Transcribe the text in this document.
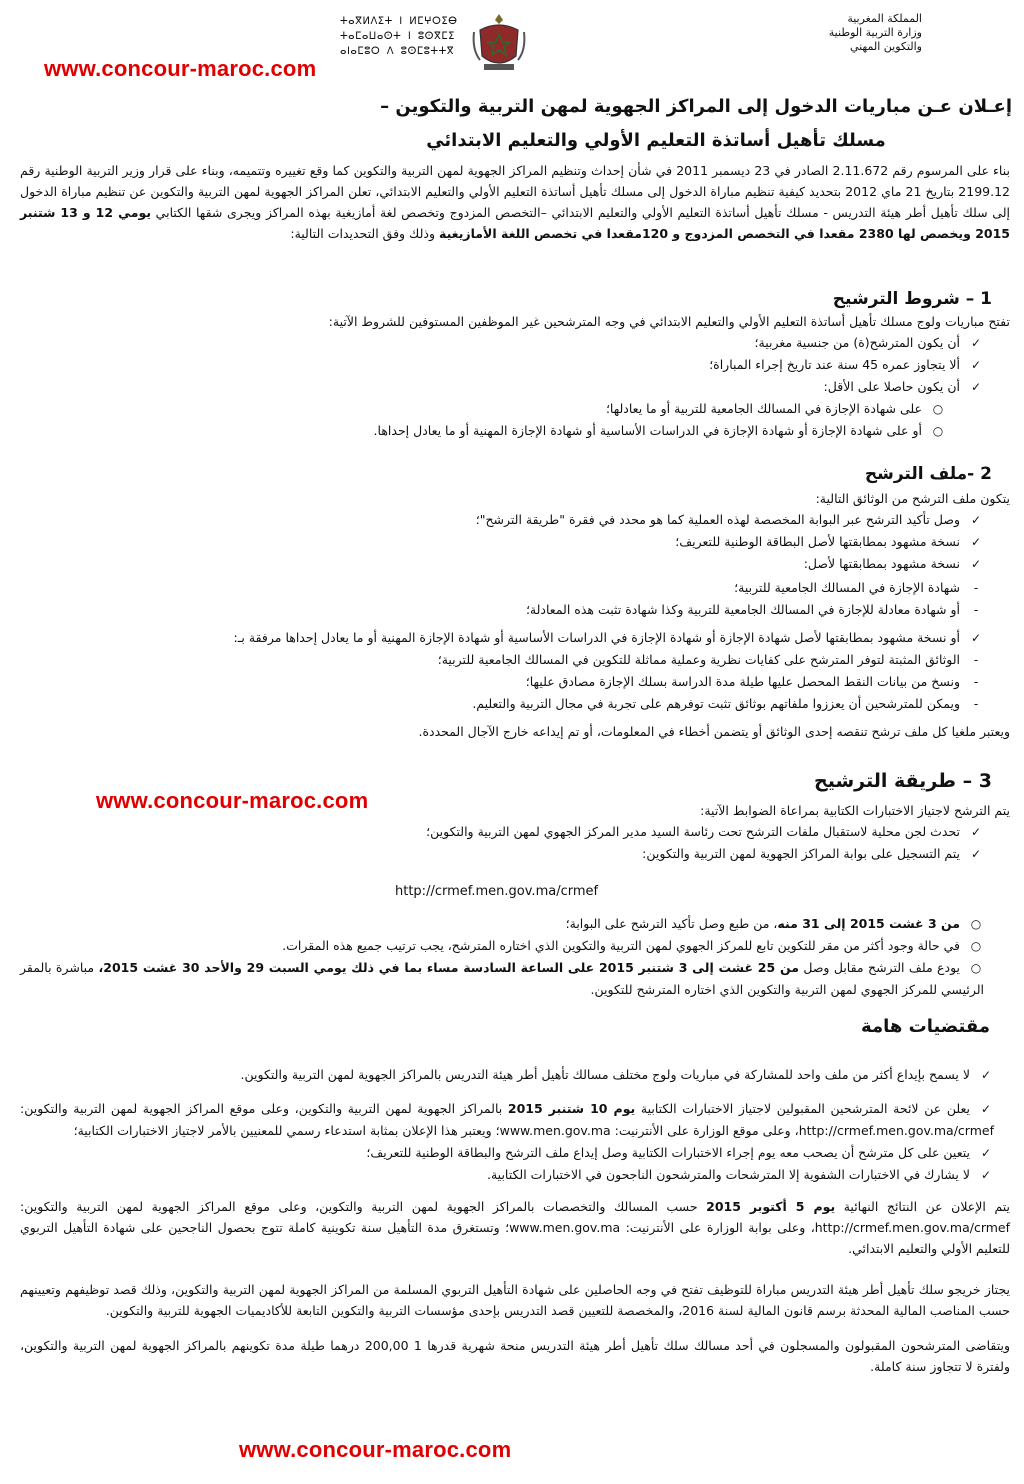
www.concour-maroc.com
www.concour-maroc.com
www.concour-maroc.com
المملكة المغربية
وزارة التربية الوطنية
والتكوين المهني
ⵜⴰⴳⵍⴷⵉⵜ ⵏ ⵍⵎⵖⵔⵉⴱ
ⵜⴰⵎⴰⵡⴰⵙⵜ ⵏ ⵓⵙⴳⵎⵉ
ⴰⵏⴰⵎⵓⵔ ⴷ ⵓⵙⵎⵓⵜⵜⴳ
إعـلان عـن مباريات الدخول إلى المراكز الجهوية لمهن التربية والتكوين –
مسلك تأهيل أساتذة التعليم الأولي والتعليم الابتدائي

بناء على المرسوم رقم 2.11.672 الصادر في 23 ديسمبر 2011 في شأن إحداث وتنظيم المراكز الجهوية لمهن التربية والتكوين كما وقع تغييره وتتميمه، وبناء على قرار وزير التربية الوطنية رقم 2199.12 بتاريخ 21 ماي 2012 بتحديد كيفية تنظيم مباراة الدخول إلى مسلك تأهيل أساتذة التعليم الأولي والتعليم الابتدائي، تعلن المراكز الجهوية لمهن التربية والتكوين عن تنظيم مباراة الدخول إلى سلك تأهيل أطر هيئة التدريس - مسلك تأهيل أساتذة التعليم الأولي والتعليم الابتدائي –التخصص المزدوج وتخصص لغة أمازيغية بهذه المراكز ويجرى شقها الكتابي يومي 12 و 13 شتنبر 2015 ويخصص لها 2380 مقعدا في التخصص المزدوج و 120مقعدا في تخصص اللغة الأمازيغية وذلك وفق التحديدات التالية:

1 – شروط الترشيح

تفتح مباريات ولوج مسلك تأهيل أساتذة التعليم الأولي والتعليم الابتدائي في وجه المترشحين غير الموظفين المستوفين للشروط الآتية:

✓أن يكون المترشح(ة) من جنسية مغربية؛
✓ألا يتجاوز عمره 45 سنة عند تاريخ إجراء المباراة؛
✓أن يكون حاصلا على الأقل:
○على شهادة الإجازة في المسالك الجامعية للتربية أو ما يعادلها؛
○أو على شهادة الإجازة أو شهادة الإجازة في الدراسات الأساسية أو شهادة الإجازة المهنية أو ما يعادل إحداها.
2 -ملف الترشح

يتكون ملف الترشح من الوثائق التالية:

✓وصل تأكيد الترشح عبر البوابة المخصصة لهذه العملية كما هو محدد في فقرة "طريقة الترشح"؛
✓نسخة مشهود بمطابقتها لأصل البطاقة الوطنية للتعريف؛
✓نسخة مشهود بمطابقتها لأصل:
-شهادة الإجازة في المسالك الجامعية للتربية؛
-أو شهادة معادلة للإجازة في المسالك الجامعية للتربية وكذا شهادة تثبت هذه المعادلة؛
✓أو نسخة مشهود بمطابقتها لأصل شهادة الإجازة أو شهادة الإجازة في الدراسات الأساسية أو شهادة الإجازة المهنية أو ما يعادل إحداها مرفقة بـ:
-الوثائق المثبتة لتوفر المترشح على كفايات نظرية وعملية مماثلة للتكوين في المسالك الجامعية للتربية؛
-ونسخ من بيانات النقط المحصل عليها طيلة مدة الدراسة بسلك الإجازة مصادق عليها؛
-ويمكن للمترشحين أن يعززوا ملفاتهم بوثائق تثبت توفرهم على تجربة في مجال التربية والتعليم.

ويعتبر ملغيا كل ملف ترشح تنقصه إحدى الوثائق أو يتضمن أخطاء في المعلومات، أو تم إيداعه خارج الآجال المحددة.

3 – طريقة الترشيح

يتم الترشح لاجتياز الاختبارات الكتابية بمراعاة الضوابط الآتية:

✓تحدث لجن محلية لاستقبال ملفات الترشح تحت رئاسة السيد مدير المركز الجهوي لمهن التربية والتكوين؛
✓يتم التسجيل على بوابة المراكز الجهوية لمهن التربية والتكوين:
http://crmef.men.gov.ma/crmef
○من 3 غشت 2015 إلى 31 منه، من طبع وصل تأكيد الترشح على البوابة؛
○في حالة وجود أكثر من مقر للتكوين تابع للمركز الجهوي لمهن التربية والتكوين الذي اختاره المترشح، يجب ترتيب جميع هذه المقرات.
○يودع ملف الترشح مقابل وصل من 25 غشت إلى 3 شتنبر 2015 على الساعة السادسة مساء بما في ذلك يومي السبت 29 والأحد 30 غشت 2015، مباشرة بالمقر الرئيسي للمركز الجهوي لمهن التربية والتكوين الذي اختاره المترشح للتكوين.
مقتضيات هامة
✓لا يسمح بإيداع أكثر من ملف واحد للمشاركة في مباريات ولوج مختلف مسالك تأهيل أطر هيئة التدريس بالمراكز الجهوية لمهن التربية والتكوين.
✓يعلن عن لائحة المترشحين المقبولين لاجتياز الاختبارات الكتابية يوم 10 شتنبر 2015 بالمراكز الجهوية لمهن التربية والتكوين، وعلى موقع المراكز الجهوية لمهن التربية والتكوين: http://crmef.men.gov.ma/crmef، وعلى موقع الوزارة على الأنترنيت: www.men.gov.ma؛ ويعتبر هذا الإعلان بمثابة استدعاء رسمي للمعنيين بالأمر لاجتياز الاختبارات الكتابية؛
✓يتعين على كل مترشح أن يصحب معه يوم إجراء الاختبارات الكتابية وصل إيداع ملف الترشح والبطاقة الوطنية للتعريف؛
✓لا يشارك في الاختبارات الشفوية إلا المترشحات والمترشحون الناجحون في الاختبارات الكتابية.

يتم الإعلان عن النتائج النهائية يوم 5 أكتوبر 2015 حسب المسالك والتخصصات بالمراكز الجهوية لمهن التربية والتكوين، وعلى موقع المراكز الجهوية لمهن التربية والتكوين: http://crmef.men.gov.ma/crmef، وعلى بوابة الوزارة على الأنترنيت: www.men.gov.ma؛ وتستغرق مدة التأهيل سنة تكوينية كاملة تتوج بحصول الناجحين على شهادة التأهيل التربوي للتعليم الأولي والتعليم الابتدائي.

يجتاز خريجو سلك تأهيل أطر هيئة التدريس مباراة للتوظيف تفتح في وجه الحاصلين على شهادة التأهيل التربوي المسلمة من المراكز الجهوية لمهن التربية والتكوين، وذلك قصد توظيفهم وتعيينهم حسب المناصب المالية المحدثة برسم قانون المالية لسنة 2016، والمخصصة للتعيين قصد التدريس بإحدى مؤسسات التربية والتكوين التابعة للأكاديميات الجهوية للتربية والتكوين.

ويتقاضى المترشحون المقبولون والمسجلون في أحد مسالك سلك تأهيل أطر هيئة التدريس منحة شهرية قدرها 1 200,00 درهما طيلة مدة تكوينهم بالمراكز الجهوية لمهن التربية والتكوين، ولفترة لا تتجاوز سنة كاملة.
